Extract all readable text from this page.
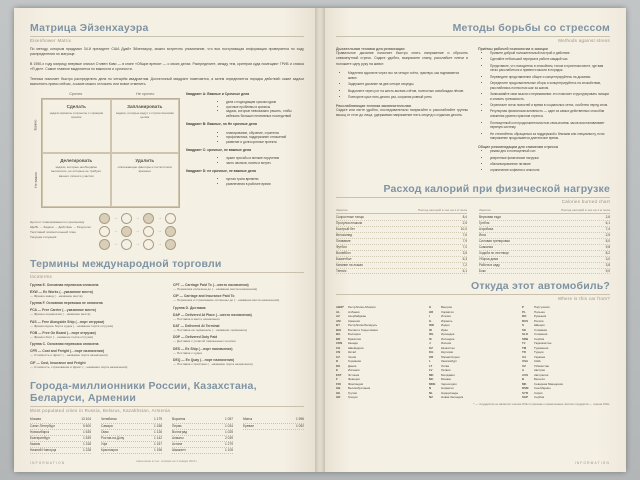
Матрица Эйзенхауэра
Eisenhower Matrix

По методу, которым придумал 34-й президент США Дуайт Эйзенхауэр, можно встретить упоминание, что вся поступающая информация проверяется по ходу распределения по матрице.

В 1950-х году матрицу впервые описал Стивен Кови — в книге «Общие время» — о своих делах. Распределите, между тем, критерии куда помещают ГРИБ и списка «Я дел». Самое главное выделяется по важности и срочности.

Техника помогает быстро распределить дела по четырём квадрантам. Достаточный квадрант помечается, а затем определяется порядок действий: какие задачи выполнить прямо сейчас, а какие можно отложить или вовсе отменить.

Срочно	Не срочно
Важно
Не важно
Сделать
задачи кризисы и проекты с горящим сроком
Запланировать
задачи, которые ведут к стратегическим целям
Делегировать
задачи, которые необходимо выполнить, но которые не требуют вашего личного участия
Удалить
отвлекающие факторы и поглотители времени
Квадрант A: Важные и Срочные дела
• дела с подходящим сроком сдачи
• срочные проблемы и кризисы
• задачи, которые невозможно решить, чтобы избежать больших негативных последствий
Квадрант B: Важные, но Не срочные дела
• планирование, обучение, стратегия
• профилактика, поддержание отношений
• развитие и долгосрочные проекты
Квадрант C: срочные, не важные дела
• чужие просьбы и мелкие поручения
• часть звонков, писем и встреч
Квадрант D: не срочные, не важные дела
• пустая трата времени
• развлечения в рабочее время
Цели от планированного к реальному
ЦЕЛЬ → Задача → Действие → Результат
Текстовый пояснительный план
Текущая ситуация
→	→	→
→	→	→
→	→	→
Термины международной торговли
Incoterms
Группа E. Основная перевозка оплачена
EXW — Ex Works (…указанное место)
— Франко-завод (…название места)
Группа F. Основная перевозка не оплачена
FCA — Free Carrier (…указанное место)
— Франко-перевозчик (…название места)
FAS — Free Alongside Ship (…порт отгрузки)
— Франко вдоль борта судна (…название порта отгрузки)
FOB — Free On Board (…порт отгрузки)
— Франко-борт (…название порта отгрузки)
Группа C. Основная перевозка оплачена
CFR — Cost and Freight (…порт назначения)
— Стоимость и фрахт (…название порта назначения)
CIF — Cost, Insurance and Freight
— Стоимость, страхование и фрахт (…название порта назначения)
CPT — Carriage Paid To (…место назначения)
— Перевозка оплачена до (…название места назначения)
CIP — Carriage and Insurance Paid To
— Перевозка и страхование оплачены до (…название места назначения)
Группа D. Доставка
DAP — Delivered At Place (…место назначения)
— Поставка в месте назначения
DAT — Delivered At Terminal
— Поставка на терминале (…название терминала)
DDP — Delivered Duty Paid
— Доставка с уплатой таможенных пошлин
DES — Ex Ship (…порт назначения)
— Поставка с судна
DEQ — Ex Quay (…порт назначения)
— Поставка с пристани (…название порта назначения)
Города-миллионники России, Казахстана, Беларуси, Армении
Most populated cities in Russia, Belarus, Kazakhstan, Armenia
Москва	13 104
Санкт-Петербург	5 600
Новосибирск	1 635
Екатеринбург	1 539
Казань	1 318
Нижний Новгород	1 228
Челябинск	1 179
Самара	1 158
Омск	1 126
Ростов-на-Дону	1 142
Уфа	1 157
Красноярск	1 196
Воронеж	1 057
Пермь	1 034
Волгоград	1 025
Алматы	2 039
Астана	1 279
Шымкент	1 105
Минск	1 996
Ереван	1 092
Население в тыс. человек на 1 января 2023 г.
INFORMATION
Методы борьбы со стрессом
Methods against stress
Дыхательная техника для релаксации

Правильное дыхание помогает быстро снять напряжение и сбросить сиюминутный стресс. Сядьте удобно, выпрямите спину, расслабьте плечи и положите одну руку на живот.

• Медленно вдохните через нос на четыре счёта, чувствуя, как поднимается живот.
• Задержите дыхание на две-четыре секунды.
• Выдохните через рот на шесть-восемь счётов, полностью освобождая лёгкие.
• Повторите цикл пять-десять раз, сохраняя ровный ритм.
Расслабляющая техника заключительная

Сядьте или лягте удобно, последовательно напрягайте и расслабляйте группы мышц от стоп до лица, удерживая напряжение пять секунд и отдыхая десять.

Приёмы рабочей психологии и эмоции
• Примите добрый положительный настрой и действие.
• Сделайте небольшой перерыв в работе каждый час.
• Представьте, что находитесь в спокойном, тихом и приятном месте, где вам легко расслабиться и привести мысли в порядок.
• Переведите представление общее и концентрируйтесь на дыхании.
• Определите продолжительные сборы и концентрируйтесь на спокойствии, расслабляясь полностью шаг за шагом.
• Записывайте свои мысли и переживания: это помогает структурировать эмоции и снизить тревожность.
• Ограничьте поток новостей и время в социальных сетях, особенно перед сном.
• Регулярная физическая активность — один из самых действенных способов снижения уровня гормонов стресса.
• Полноценный сон продолжительностью семь-восемь часов восстанавливает нервную систему.
• Не стесняйтесь обращаться за поддержкой к близким или специалисту, если напряжение продолжается длительное время.
Общие рекомендации для снижения стресса
• режим дня и полноценный сон
• умеренные физические нагрузки
• сбалансированное питание
• ограничение кофеина и алкоголя
Расход калорий при физической нагрузке
Calories burned chart
Занятие	Расход калорий в час на 1 кг веса
Скоростные танцы	8,4
Прогулка пешком	2,5
Быстрый бег	10,0
Велосипед	7,6
Плавание	7,9
Футбол	7,0
Волейбол	3,5
Баскетбол	6,3
Катание на лыжах	7,2
Теннис	6,1
Занятие	Расход калорий в час на 1 кг веса
Верховая езда	2,6
Гребля	6,1
Аэробика	7,4
Йога	2,5
Силовая тренировка	5,0
Скакалка	9,8
Ходьба по лестнице	8,2
Уборка дома	3,0
Работа в саду	3,8
Бокс	9,0
Откуда этот автомобиль?
Where is this car from?
ABW*	Республика Абхазия
AL	Албания
AZ	Азербайджан
AM	Армения
BY	Республика Беларусь
BIH	Босния и Герцеговина
BG	Болгария
BR	Бразилия
CDN	Канада
CH	Швейцария
CN	Китай
CZ	Чехия
D	Германия
DK	Дания
E	Испания
EST	Эстония
F	Франция
FIN	Финляндия
GB	Великобритания
GE	Грузия
GR	Греция
H	Венгрия
HR	Хорватия
I	Италия
IL	Израиль
IND	Индия
IR	Иран
IRL	Ирландия
IS	Исландия
J	Япония
KZ	Казахстан
KG	Киргизия
KR	Южная Корея
L	Люксембург
LT	Литва
LV	Латвия
MD	Молдавия
MC	Монако
MNE	Черногория
N	Норвегия
NL	Нидерланды
NZ	Новая Зеландия
P	Португалия
PL	Польша
RO	Румыния
RUS	Россия
S	Швеция
SK	Словакия
SLO	Словения
SRB	Сербия
TJ	Таджикистан
TM	Туркмения
TR	Турция
UA	Украина
USA	США
UZ	Узбекистан
A	Австрия
AUS	Австралия
B	Бельгия
MK	Северная Македония
RSM	Сан-Марино
SYR	Сирия
SGP	Сербия
* — государство не является членом ООН и признано ограниченным числом государств — членов ООН.
INFORMATION
